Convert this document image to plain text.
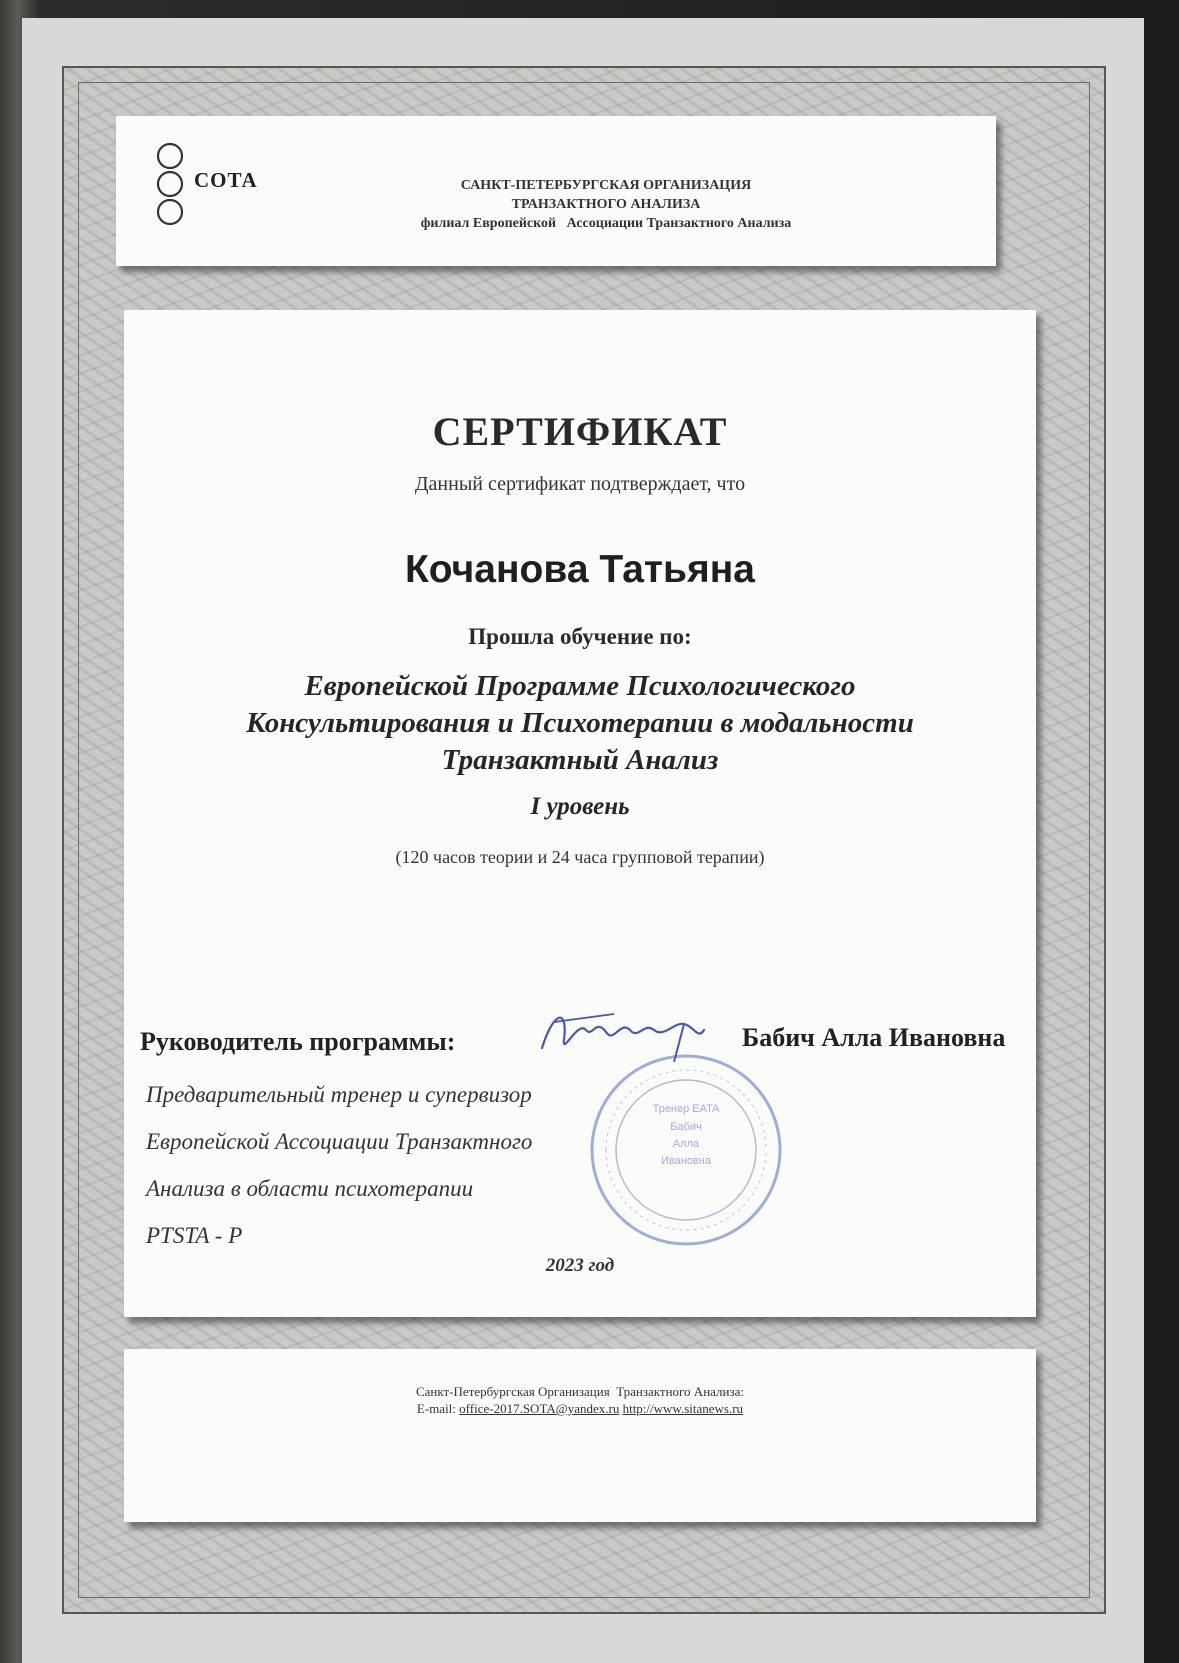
СОТА	САНКТ-ПЕТЕРБУРГСКАЯ ОРГАНИЗАЦИЯ
ТРАНЗАКТНОГО АНАЛИЗА
филиал Европейской   Ассоциации Транзактного Анализа
СЕРТИФИКАТ
Данный сертификат подтверждает, что
Кочанова Татьяна
Прошла обучение по:
Европейской Программе Психологического
Консультирования и Психотерапии в модальности
Транзактный Анализ
I уровень
(120 часов теории и 24 часа групповой терапии)
Тренер EATA
Бабич
Алла
Ивановна
Руководитель программы:	Бабич Алла Ивановна
Предварительный тренер и супервизор
Европейской Ассоциации Транзактного
Анализа в области психотерапии
PTSTA - P
2023 год
Санкт-Петербургская Организация  Транзактного Анализа:
E-mail: office-2017.SOTA@yandex.ru http://www.sitanews.ru
